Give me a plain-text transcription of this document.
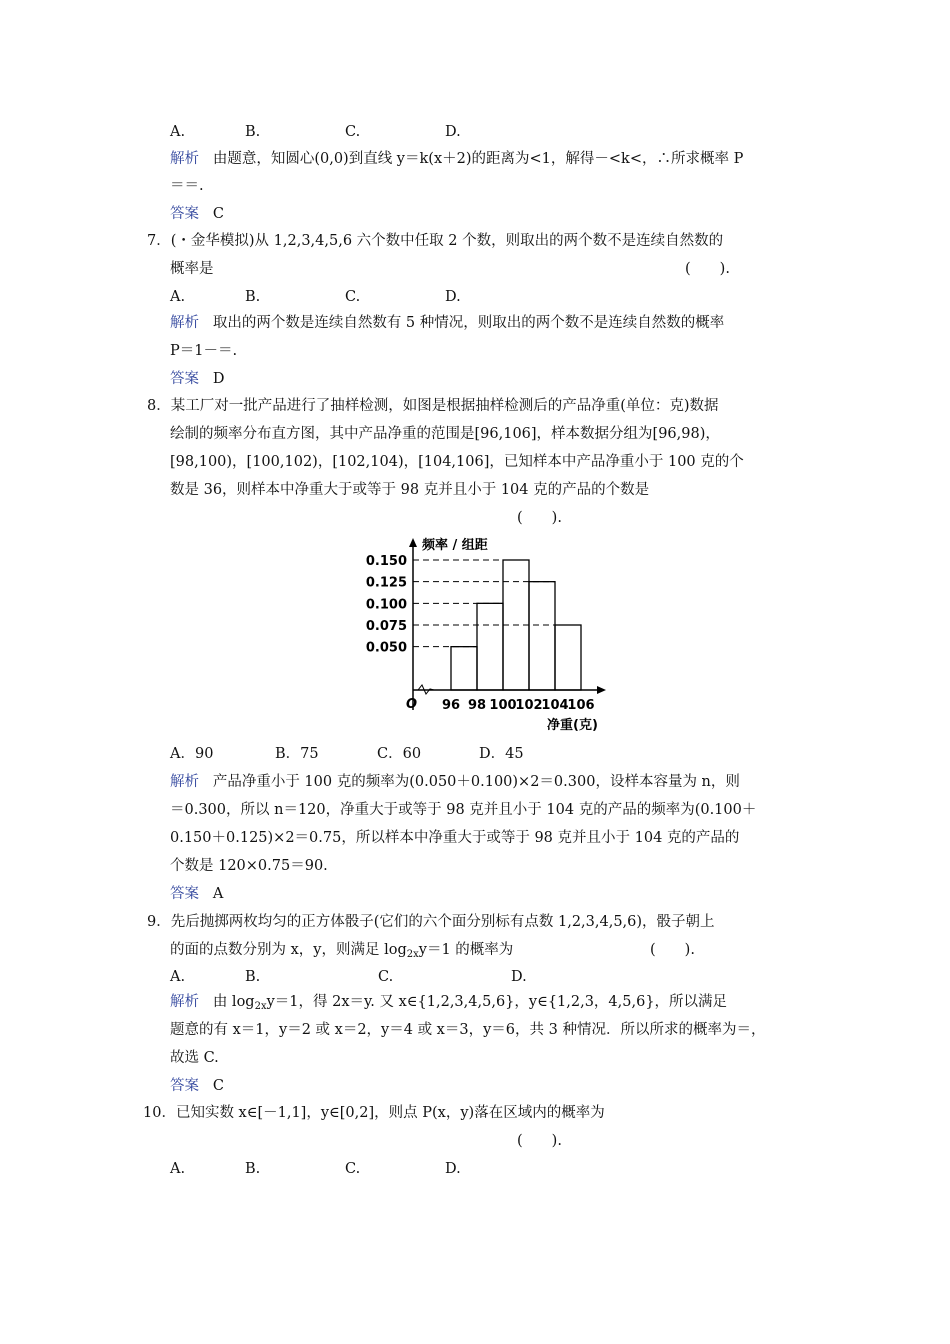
A.	B.	C.	D.
解析 由题意，知圆心(0,0)到直线 y＝k(x＋2)的距离为<1，解得－<k<，∴所求概率 P
＝＝.
答案 C
7．(・金华模拟)从 1,2,3,4,5,6 六个数中任取 2 个数，则取出的两个数不是连续自然数的
概率是	(　　).
A.	B.	C.	D.
解析 取出的两个数是连续自然数有 5 种情况，则取出的两个数不是连续自然数的概率
P＝1－＝.
答案 D
8．某工厂对一批产品进行了抽样检测，如图是根据抽样检测后的产品净重(单位：克)数据
绘制的频率分布直方图，其中产品净重的范围是[96,106]，样本数据分组为[96,98)，
[98,100)，[100,102)，[102,104)，[104,106]，已知样本中产品净重小于 100 克的个
数是 36，则样本中净重大于或等于 98 克并且小于 104 克的产品的个数是
(　　).
频率 / 组距
净重(克)
O
0.150
0.125
0.100
0.075
0.050
96 98 100
102
104
106
A．90	B．75	C．60	D．45
解析 产品净重小于 100 克的频率为(0.050＋0.100)×2＝0.300，设样本容量为 n，则
＝0.300，所以 n＝120，净重大于或等于 98 克并且小于 104 克的产品的频率为(0.100＋
0.150＋0.125)×2＝0.75，所以样本中净重大于或等于 98 克并且小于 104 克的产品的
个数是 120×0.75＝90.
答案 A
9．先后抛掷两枚均匀的正方体骰子(它们的六个面分别标有点数 1,2,3,4,5,6)，骰子朝上
的面的点数分别为 x，y，则满足 $\log_{2x}y=1$ 的概率为	(　　).
A.	B.	C.	D.
解析 由 $\log_{2x}y=1$，得 2x＝y. 又 x∈{1,2,3,4,5,6}，y∈{1,2,3，4,5,6}，所以满足
题意的有 x＝1，y＝2 或 x＝2，y＝4 或 x＝3，y＝6，共 3 种情况．所以所求的概率为＝，
故选 C.
答案 C
10．已知实数 x∈[－1,1]，y∈[0,2]，则点 P(x，y)落在区域内的概率为
(　　).
A.	B.	C.	D.
